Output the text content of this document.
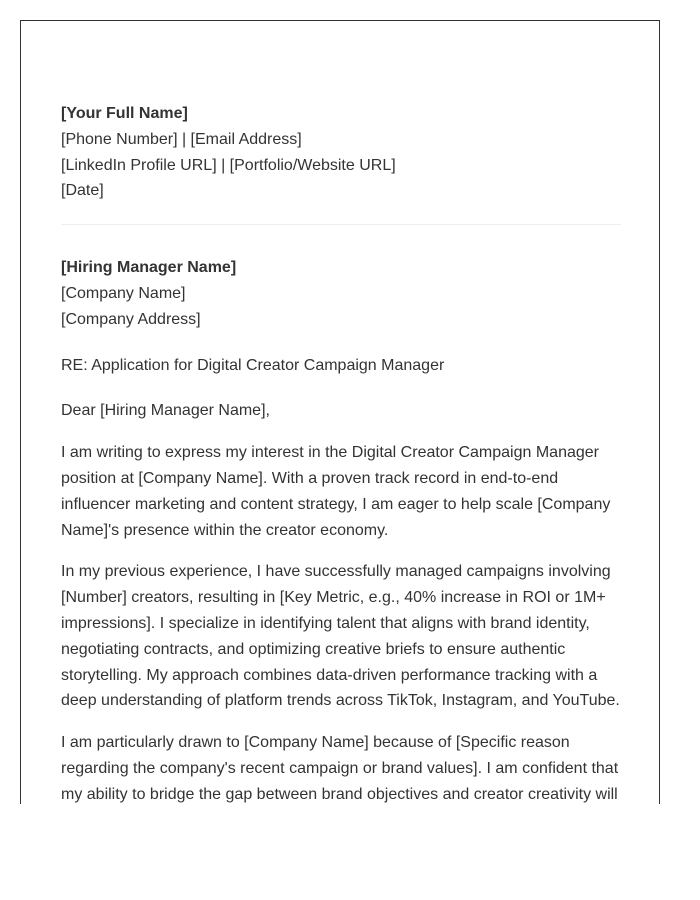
[Your Full Name]

[Phone Number] | [Email Address]

[LinkedIn Profile URL] | [Portfolio/Website URL]

[Date]

[Hiring Manager Name]

[Company Name]

[Company Address]

RE: Application for Digital Creator Campaign Manager

Dear [Hiring Manager Name],

I am writing to express my interest in the Digital Creator Campaign Manager position at [Company Name]. With a proven track record in end-to-end influencer marketing and content strategy, I am eager to help scale [Company Name]'s presence within the creator economy.

In my previous experience, I have successfully managed campaigns involving [Number] creators, resulting in [Key Metric, e.g., 40% increase in ROI or 1M+ impressions]. I specialize in identifying talent that aligns with brand identity, negotiating contracts, and optimizing creative briefs to ensure authentic storytelling. My approach combines data-driven performance tracking with a deep understanding of platform trends across TikTok, Instagram, and YouTube.

I am particularly drawn to [Company Name] because of [Specific reason regarding the company's recent campaign or brand values]. I am confident that my ability to bridge the gap between brand objectives and creator creativity will
